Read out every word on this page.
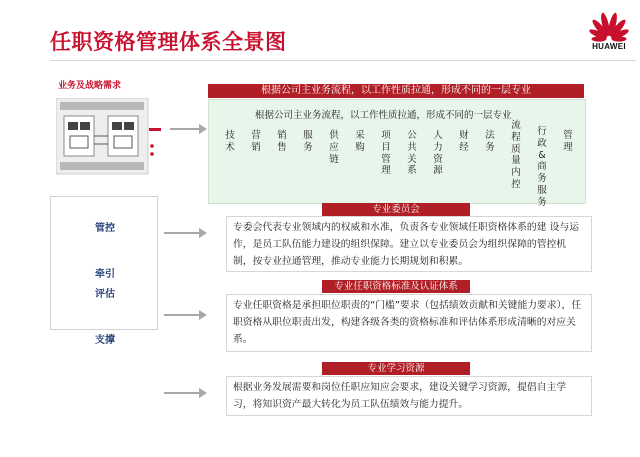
任职资格管理体系全景图	HUAWEI
业务及战略需求
管控
牵引
评估
支撑
根据公司主业务流程，以工作性质拉通，形成不同的一层专业
根据公司主业务流程，以工作性质拉通，形成不同的一层专业
技术
营销
销售
服务
供应链
采购
项目管理
公共关系
人力资源
财经
法务
流程质量内控
行政&商务服务
管理
专业委员会
专委会代表专业领域内的权威和水准，负责各专业领域任职资格体系的建 设与运作，是员工队伍能力建设的组织保障。建立以专业委员会为组织保障的管控机制，按专业拉通管理，推动专业能力长期规划和积累。
专业任职资格标准及认证体系
专业任职资格是承担职位职责的“门槛”要求（包括绩效贡献和关键能力要求），任职资格从职位职责出发，构建各级各类的资格标准和评估体系形成清晰的对应关系。
专业学习资源
根据业务发展需要和岗位任职应知应会要求，建设关键学习资源，提倡自主学习，将知识资产最大转化为员工队伍绩效与能力提升。
